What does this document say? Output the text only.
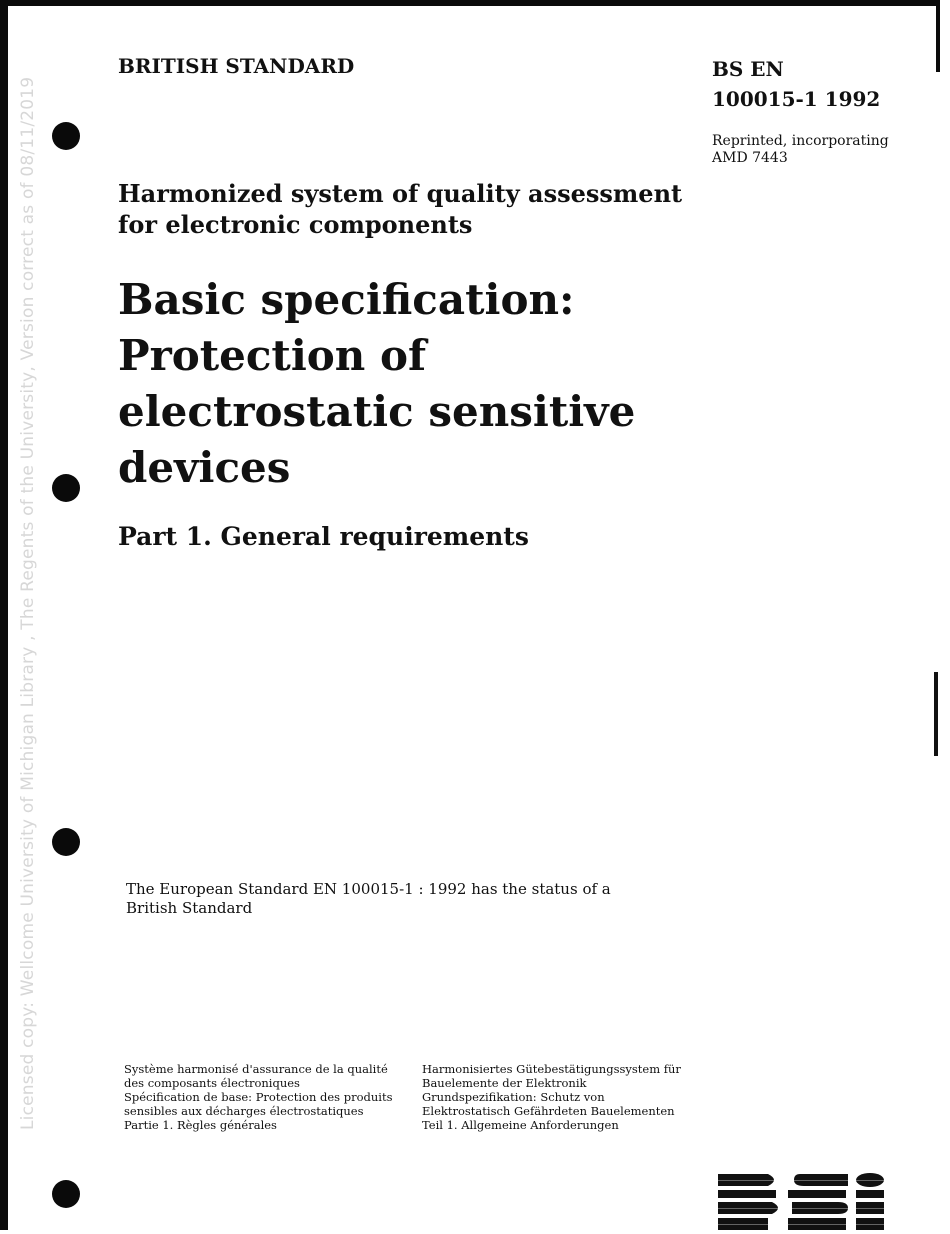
Licensed copy: Wellcome University of Michigan Library , The Regents of the University, Version correct as of 08/11/2019
BRITISH STANDARD	BS EN
100015-1 1992
Reprinted, incorporating
AMD 7443
Harmonized system of quality assessment
for electronic components
Basic specification:
Protection of
electrostatic sensitive
devices
Part 1. General requirements
The European Standard EN 100015-1 : 1992 has the status of a
British Standard
Système harmonisé d'assurance de la qualité
des composants électroniques
Spécification de base: Protection des produits
sensibles aux décharges électrostatiques
Partie 1. Règles générales
Harmonisiertes Gütebestätigungssystem für
Bauelemente der Elektronik
Grundspezifikation: Schutz von
Elektrostatisch Gefährdeten Bauelementen
Teil 1. Allgemeine Anforderungen
